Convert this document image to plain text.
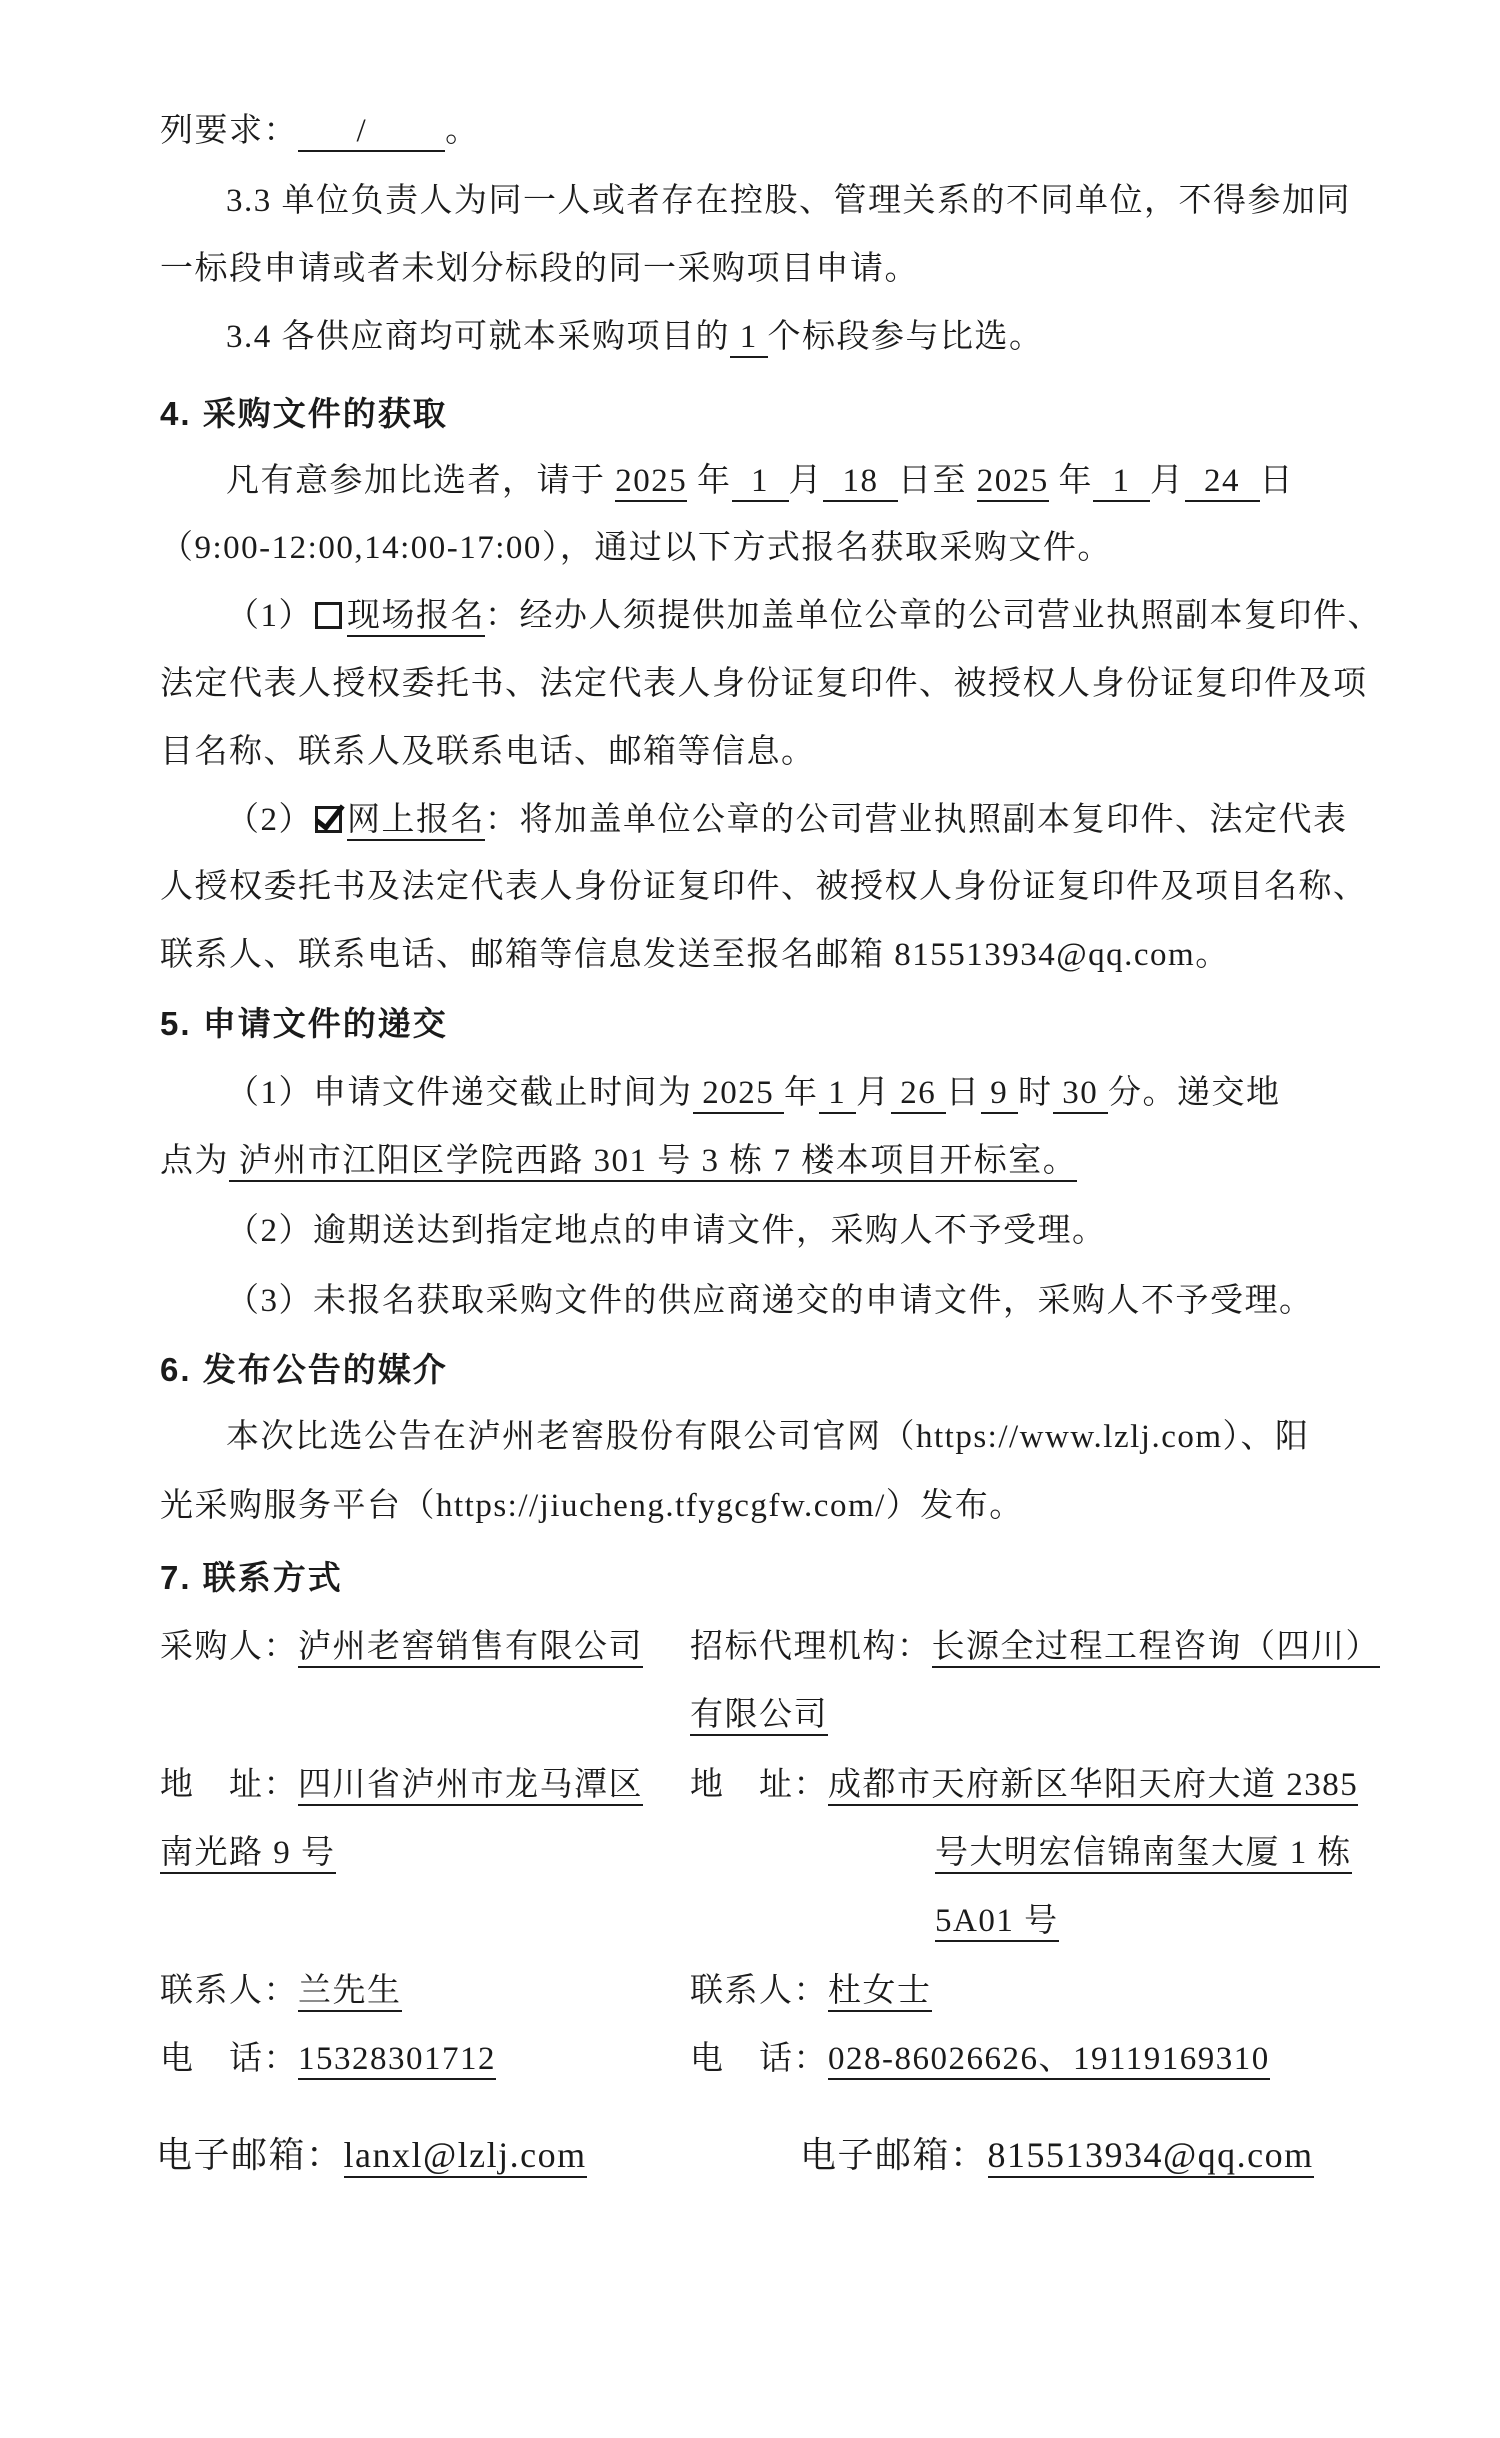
列要求：      /        。
3.3 单位负责人为同一人或者存在控股、管理关系的不同单位，不得参加同
一标段申请或者未划分标段的同一采购项目申请。
3.4 各供应商均可就本采购项目的 1 个标段参与比选。
4. 采购文件的获取
凡有意参加比选者，请于 2025 年  1  月  18  日至 2025 年  1  月  24  日
（9:00-12:00,14:00-17:00），通过以下方式报名获取采购文件。
（1） 现场报名：经办人须提供加盖单位公章的公司营业执照副本复印件、
法定代表人授权委托书、法定代表人身份证复印件、被授权人身份证复印件及项
目名称、联系人及联系电话、邮箱等信息。
（2） 网上报名：将加盖单位公章的公司营业执照副本复印件、法定代表
人授权委托书及法定代表人身份证复印件、被授权人身份证复印件及项目名称、
联系人、联系电话、邮箱等信息发送至报名邮箱 815513934@qq.com。
5. 申请文件的递交
（1）申请文件递交截止时间为 2025 年 1 月 26 日 9 时 30 分。递交地
点为 泸州市江阳区学院西路 301 号 3 栋 7 楼本项目开标室。
（2）逾期送达到指定地点的申请文件，采购人不予受理。
（3）未报名获取采购文件的供应商递交的申请文件，采购人不予受理。
6. 发布公告的媒介
本次比选公告在泸州老窖股份有限公司官网（https://www.lzlj.com）、阳
光采购服务平台（https://jiucheng.tfygcgfw.com/）发布。
7. 联系方式
采购人：泸州老窖销售有限公司 招标代理机构：长源全过程工程咨询（四川）
有限公司
地　址：四川省泸州市龙马潭区 地　址：成都市天府新区华阳天府大道 2385
南光路 9 号	号大明宏信锦南玺大厦 1 栋
5A01 号
联系人：兰先生	联系人：杜女士
电　话：15328301712	电　话：028-86026626、19119169310
电子邮箱：lanxl@lzlj.com	电子邮箱：815513934@qq.com
